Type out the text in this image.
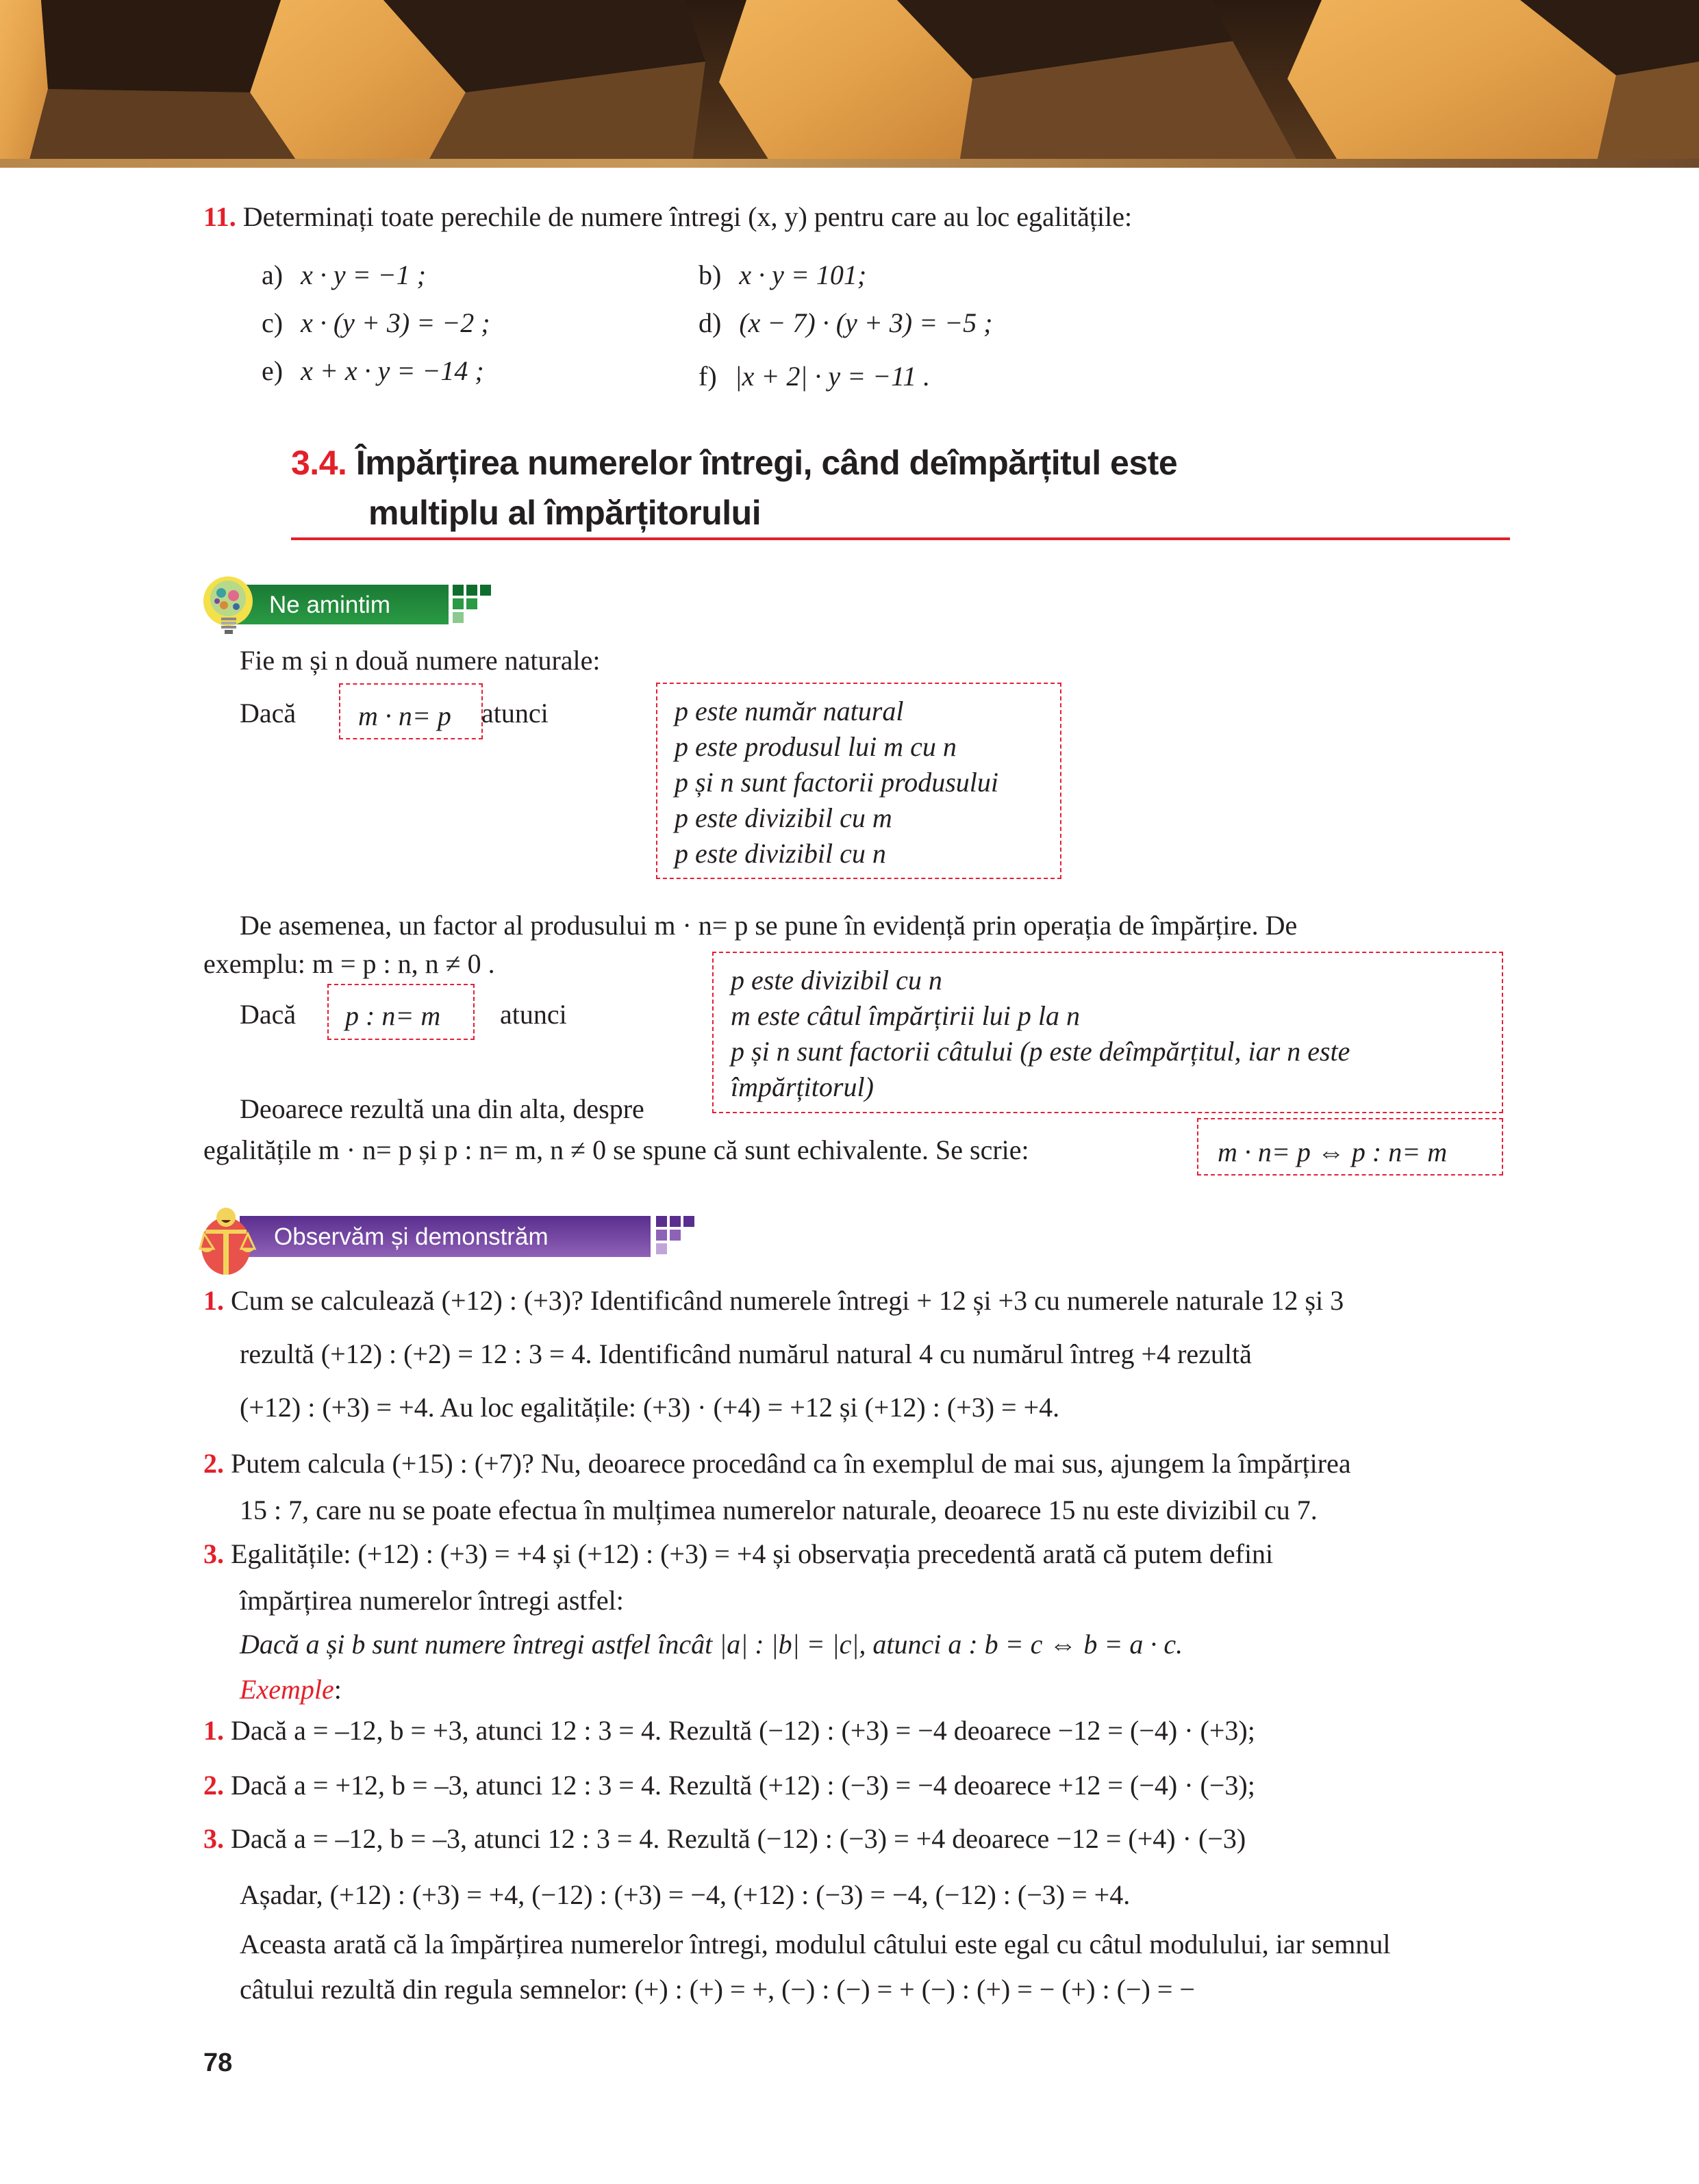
11. Determinați toate perechile de numere întregi (x, y) pentru care au loc egalitățile:
a) x · y = −1 ;	b) x · y = 101;
c) x · (y + 3) = −2 ;	d) (x − 7) · (y + 3) = −5 ;
e) x + x · y = −14 ;	f) |x + 2| · y = −11 .
3.4. Împărțirea numerelor întregi, când deîmpărțitul este
multiplu al împărțitorului
Ne amintim
Fie m și n două numere naturale:
Dacă m · n= p atunci	p este număr natural
p este produsul lui m cu n
p și n sunt factorii produsului
p este divizibil cu m
p este divizibil cu n
De asemenea, un factor al produsului m · n= p se pune în evidență prin operația de împărțire. De
exemplu: m = p : n, n ≠ 0 .
Dacă p : n= m atunci
p este divizibil cu n
m este câtul împărțirii lui p la n
p și n sunt factorii câtului (p este deîmpărțitul, iar n este
împărțitorul)
Deoarece rezultă una din alta, despre
egalitățile m · n= p și p : n= m, n ≠ 0 se spune că sunt echivalente. Se scrie:	m · n= p ⇔ p : n= m
Observăm și demonstrăm
1. Cum se calculează (+12) : (+3)? Identificând numerele întregi + 12 și +3 cu numerele naturale 12 și 3
rezultă (+12) : (+2) = 12 : 3 = 4. Identificând numărul natural 4 cu numărul întreg +4 rezultă
(+12) : (+3) = +4. Au loc egalitățile: (+3) · (+4) = +12 și (+12) : (+3) = +4.
2. Putem calcula (+15) : (+7)? Nu, deoarece procedând ca în exemplul de mai sus, ajungem la împărțirea
15 : 7, care nu se poate efectua în mulțimea numerelor naturale, deoarece 15 nu este divizibil cu 7.
3. Egalitățile: (+12) : (+3) = +4 și (+12) : (+3) = +4 și observația precedentă arată că putem defini
împărțirea numerelor întregi astfel:
Dacă a și b sunt numere întregi astfel încât |a| : |b| = |c|, atunci a : b = c ⇔ b = a · c.
Exemple:
1. Dacă a = –12, b = +3, atunci 12 : 3 = 4. Rezultă (−12) : (+3) = −4 deoarece −12 = (−4) · (+3);
2. Dacă a = +12, b = –3, atunci 12 : 3 = 4. Rezultă (+12) : (−3) = −4 deoarece +12 = (−4) · (−3);
3. Dacă a = –12, b = –3, atunci 12 : 3 = 4. Rezultă (−12) : (−3) = +4 deoarece −12 = (+4) · (−3)
Așadar, (+12) : (+3) = +4, (−12) : (+3) = −4, (+12) : (−3) = −4, (−12) : (−3) = +4.
Aceasta arată că la împărțirea numerelor întregi, modulul câtului este egal cu câtul modulului, iar semnul
câtului rezultă din regula semnelor: (+) : (+) = +, (−) : (−) = + (−) : (+) = − (+) : (−) = −
78
